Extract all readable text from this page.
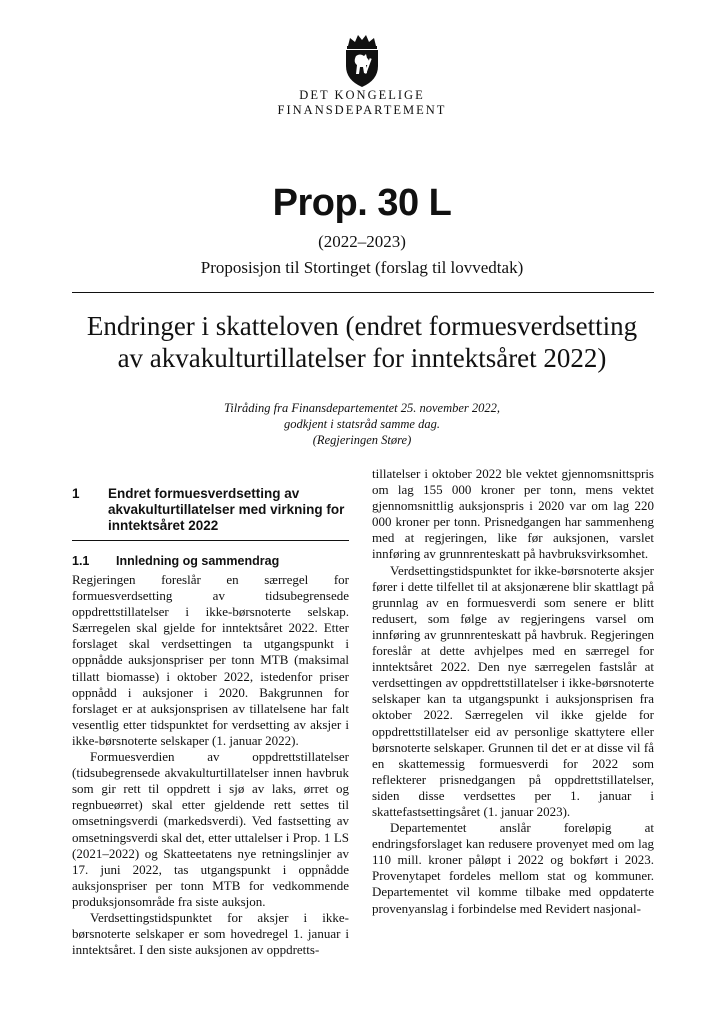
DET KONGELIGE
FINANSDEPARTEMENT
Prop. 30 L
(2022–2023)
Proposisjon til Stortinget (forslag til lovvedtak)
Endringer i skatteloven (endret formuesverdsetting
av akvakulturtillatelser for inntektsåret 2022)
Tilråding fra Finansdepartementet 25. november 2022,
godkjent i statsråd samme dag.
(Regjeringen Støre)
1	Endret formuesverdsetting av akvakulturtillatelser med virkning for inntektsåret 2022
1.1	Innledning og sammendrag

Regjeringen foreslår en særregel for formuesverdsetting av tidsubegrensede oppdrettstillatelser i ikke-børsnoterte selskap. Særregelen skal gjelde for inntektsåret 2022. Etter forslaget skal verdsettingen ta utgangspunkt i oppnådde auksjonspriser per tonn MTB (maksimal tillatt biomasse) i oktober 2022, istedenfor priser oppnådd i auksjoner i 2020. Bakgrunnen for forslaget er at auksjonsprisen av tillatelsene har falt vesentlig etter tidspunktet for verdsetting av aksjer i ikke-børsnoterte selskaper (1. januar 2022).

Formuesverdien av oppdrettstillatelser (tidsubegrensede akvakulturtillatelser innen havbruk som gir rett til oppdrett i sjø av laks, ørret og regnbueørret) skal etter gjeldende rett settes til omsetningsverdi (markedsverdi). Ved fastsetting av omsetningsverdi skal det, etter uttalelser i Prop. 1 LS (2021–2022) og Skatteetatens nye retningslinjer av 17. juni 2022, tas utgangspunkt i oppnådde auksjonspriser per tonn MTB for vedkommende produksjonsområde fra siste auksjon.

Verdsettingstidspunktet for aksjer i ikke-børsnoterte selskaper er som hovedregel 1. januar i inntektsåret. I den siste auksjonen av oppdretts-

tillatelser i oktober 2022 ble vektet gjennomsnittspris om lag 155 000 kroner per tonn, mens vektet gjennomsnittlig auksjonspris i 2020 var om lag 220 000 kroner per tonn. Prisnedgangen har sammenheng med at regjeringen, like før auksjonen, varslet innføring av grunnrenteskatt på havbruksvirksomhet.

Verdsettingstidspunktet for ikke-børsnoterte aksjer fører i dette tilfellet til at aksjonærene blir skattlagt på grunnlag av en formuesverdi som senere er blitt redusert, som følge av regjeringens varsel om innføring av grunnrenteskatt på havbruk. Regjeringen foreslår at dette avhjelpes med en særregel for inntektsåret 2022. Den nye særregelen fastslår at verdsettingen av oppdrettstillatelser i ikke-børsnoterte selskaper kan ta utgangspunkt i auksjonsprisen fra oktober 2022. Særregelen vil ikke gjelde for oppdrettstillatelser eid av personlige skattytere eller børsnoterte selskaper. Grunnen til det er at disse vil få en skattemessig formuesverdi for 2022 som reflekterer prisnedgangen på oppdrettstillatelser, siden disse verdsettes per 1. januar i skattefastsettingsåret (1. januar 2023).

Departementet anslår foreløpig at endringsforslaget kan redusere provenyet med om lag 110 mill. kroner påløpt i 2022 og bokført i 2023. Provenytapet fordeles mellom stat og kommuner. Departementet vil komme tilbake med oppdaterte provenyanslag i forbindelse med Revidert nasjonal-
